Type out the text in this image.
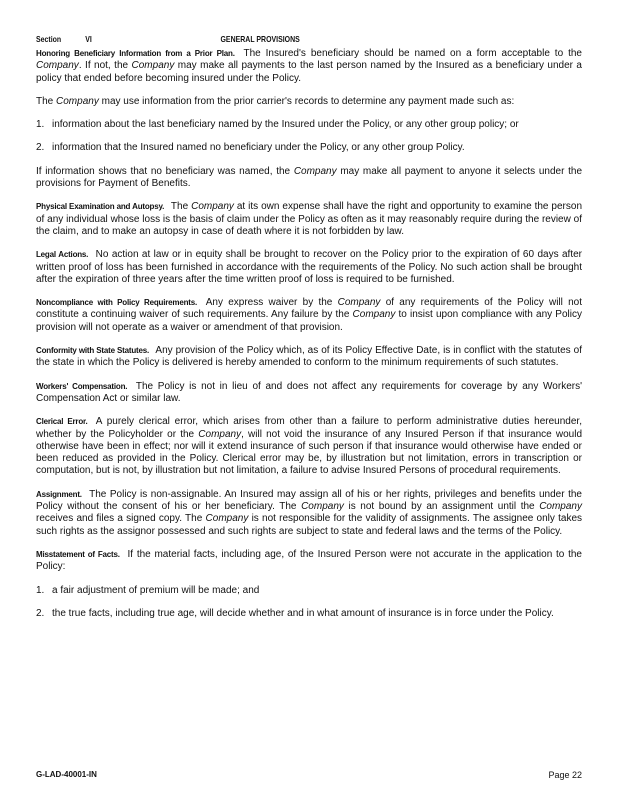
Section	VI	GENERAL PROVISIONS

Honoring Beneficiary Information from a Prior Plan. The Insured's beneficiary should be named on a form acceptable to the Company. If not, the Company may make all payments to the last person named by the Insured as a beneficiary under a policy that ended before becoming insured under the Policy.

The Company may use information from the prior carrier's records to determine any payment made such as:

1. information about the last beneficiary named by the Insured under the Policy, or any other group policy; or

2. information that the Insured named no beneficiary under the Policy, or any other group Policy.

If information shows that no beneficiary was named, the Company may make all payment to anyone it selects under the provisions for Payment of Benefits.

Physical Examination and Autopsy. The Company at its own expense shall have the right and opportunity to examine the person of any individual whose loss is the basis of claim under the Policy as often as it may reasonably require during the review of the claim, and to make an autopsy in case of death where it is not forbidden by law.

Legal Actions. No action at law or in equity shall be brought to recover on the Policy prior to the expiration of 60 days after written proof of loss has been furnished in accordance with the requirements of the Policy. No such action shall be brought after the expiration of three years after the time written proof of loss is required to be furnished.

Noncompliance with Policy Requirements. Any express waiver by the Company of any requirements of the Policy will not constitute a continuing waiver of such requirements. Any failure by the Company to insist upon compliance with any Policy provision will not operate as a waiver or amendment of that provision.

Conformity with State Statutes. Any provision of the Policy which, as of its Policy Effective Date, is in conflict with the statutes of the state in which the Policy is delivered is hereby amended to conform to the minimum requirements of such statutes.

Workers' Compensation. The Policy is not in lieu of and does not affect any requirements for coverage by any Workers' Compensation Act or similar law.

Clerical Error. A purely clerical error, which arises from other than a failure to perform administrative duties hereunder, whether by the Policyholder or the Company, will not void the insurance of any Insured Person if that insurance would otherwise have been in effect; nor will it extend insurance of such person if that insurance would otherwise have ended or been reduced as provided in the Policy. Clerical error may be, by illustration but not limitation, errors in transcription or computation, but is not, by illustration but not limitation, a failure to advise Insured Persons of procedural requirements.

Assignment. The Policy is non-assignable. An Insured may assign all of his or her rights, privileges and benefits under the Policy without the consent of his or her beneficiary. The Company is not bound by an assignment until the Company receives and files a signed copy. The Company is not responsible for the validity of assignments. The assignee only takes such rights as the assignor possessed and such rights are subject to state and federal laws and the terms of the Policy.

Misstatement of Facts. If the material facts, including age, of the Insured Person were not accurate in the application to the Policy:

1. a fair adjustment of premium will be made; and

2. the true facts, including true age, will decide whether and in what amount of insurance is in force under the Policy.

G-LAD-40001-IN	Page 22
